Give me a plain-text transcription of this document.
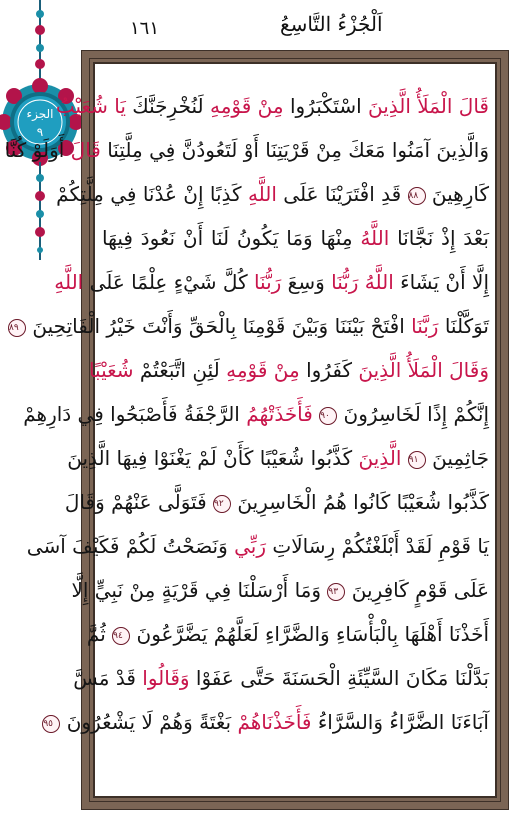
الجزء
٩
اَلْجُزْءُ التَّاسِعُ
١٦١
قَالَ الْمَلَأُ الَّذِينَ اسْتَكْبَرُوا مِنْ قَوْمِهِ لَنُخْرِجَنَّكَ يَا شُعَيْبُ
وَالَّذِينَ آمَنُوا مَعَكَ مِنْ قَرْيَتِنَا أَوْ لَتَعُودُنَّ فِي مِلَّتِنَا قَالَ أَوَلَوْ كُنَّا
كَارِهِينَ ٨٨ قَدِ افْتَرَيْنَا عَلَى اللَّهِ كَذِبًا إِنْ عُدْنَا فِي مِلَّتِكُمْ
بَعْدَ إِذْ نَجَّانَا اللَّهُ مِنْهَا وَمَا يَكُونُ لَنَا أَنْ نَعُودَ فِيهَا
إِلَّا أَنْ يَشَاءَ اللَّهُ رَبُّنَا وَسِعَ رَبُّنَا كُلَّ شَيْءٍ عِلْمًا عَلَى اللَّهِ
تَوَكَّلْنَا رَبَّنَا افْتَحْ بَيْنَنَا وَبَيْنَ قَوْمِنَا بِالْحَقِّ وَأَنْتَ خَيْرُ الْفَاتِحِينَ ٨٩
وَقَالَ الْمَلَأُ الَّذِينَ كَفَرُوا مِنْ قَوْمِهِ لَئِنِ اتَّبَعْتُمْ شُعَيْبًا
إِنَّكُمْ إِذًا لَخَاسِرُونَ ٩٠ فَأَخَذَتْهُمُ الرَّجْفَةُ فَأَصْبَحُوا فِي دَارِهِمْ
جَاثِمِينَ ٩١ الَّذِينَ كَذَّبُوا شُعَيْبًا كَأَنْ لَمْ يَغْنَوْا فِيهَا الَّذِينَ
كَذَّبُوا شُعَيْبًا كَانُوا هُمُ الْخَاسِرِينَ ٩٢ فَتَوَلَّى عَنْهُمْ وَقَالَ
يَا قَوْمِ لَقَدْ أَبْلَغْتُكُمْ رِسَالَاتِ رَبِّي وَنَصَحْتُ لَكُمْ فَكَيْفَ آسَى
عَلَى قَوْمٍ كَافِرِينَ ٩٣ وَمَا أَرْسَلْنَا فِي قَرْيَةٍ مِنْ نَبِيٍّ إِلَّا
أَخَذْنَا أَهْلَهَا بِالْبَأْسَاءِ وَالضَّرَّاءِ لَعَلَّهُمْ يَضَّرَّعُونَ ٩٤ ثُمَّ
بَدَّلْنَا مَكَانَ السَّيِّئَةِ الْحَسَنَةَ حَتَّى عَفَوْا وَقَالُوا قَدْ مَسَّ
آبَاءَنَا الضَّرَّاءُ وَالسَّرَّاءُ فَأَخَذْنَاهُمْ بَغْتَةً وَهُمْ لَا يَشْعُرُونَ ٩٥
